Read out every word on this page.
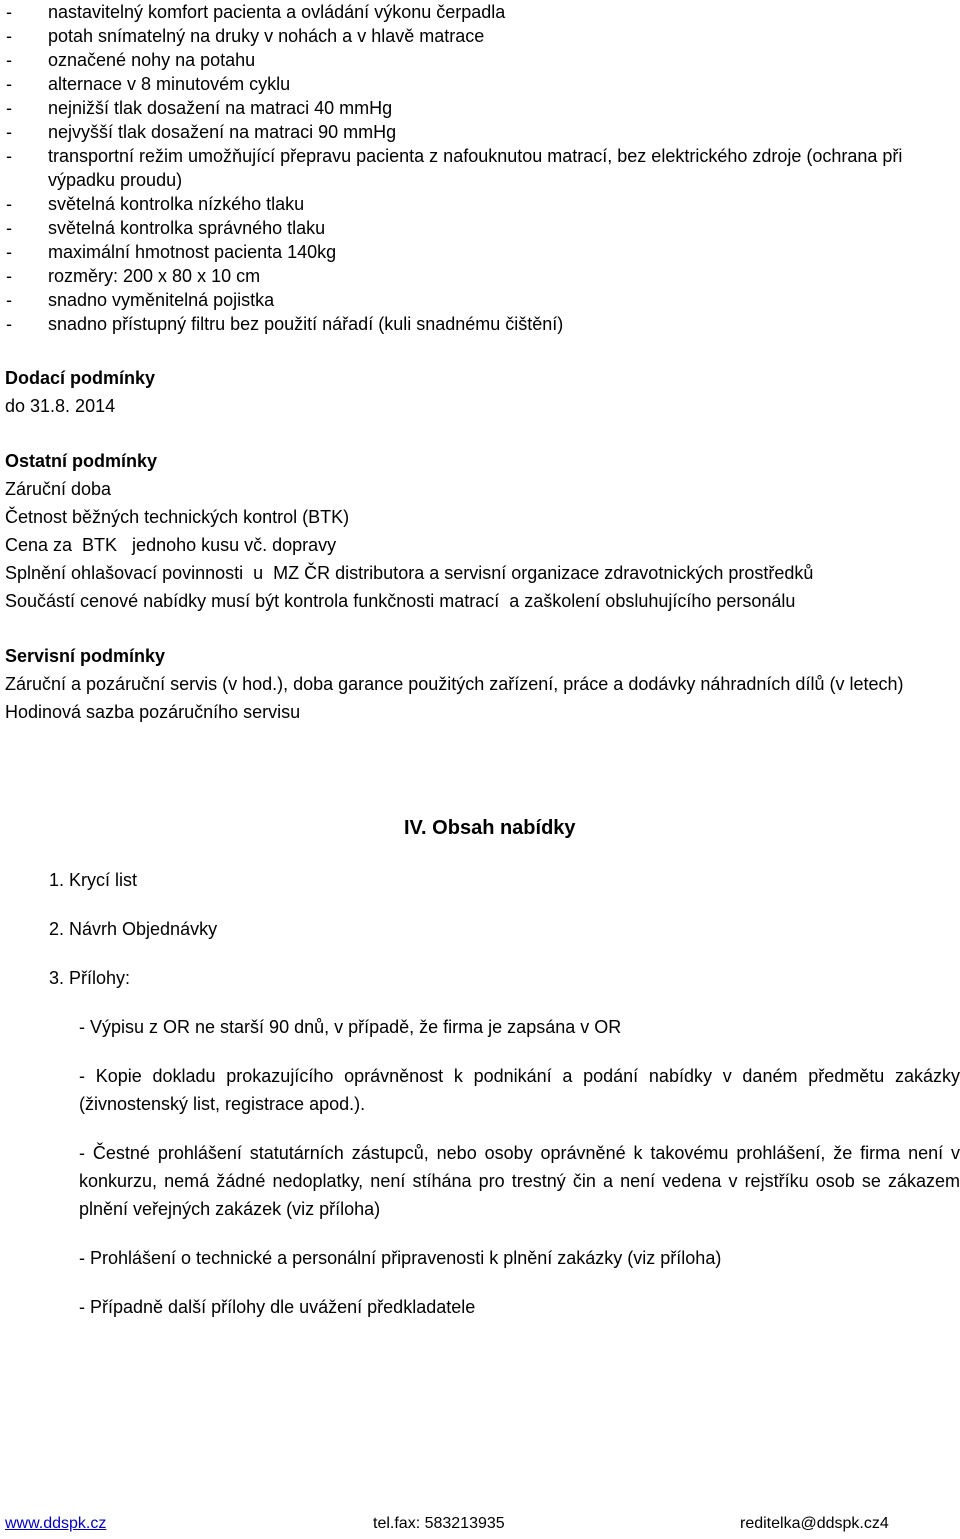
-	nastavitelný komfort pacienta a ovládání výkonu čerpadla
-	potah snímatelný na druky v nohách a v hlavě matrace
-	označené nohy na potahu
-	alternace v 8 minutovém cyklu
-	nejnižší tlak dosažení na matraci 40 mmHg
-	nejvyšší tlak dosažení na matraci 90 mmHg
-	transportní režim umožňující přepravu pacienta z nafouknutou matrací, bez elektrického zdroje (ochrana při výpadku proudu)
-	světelná kontrolka nízkého tlaku
-	světelná kontrolka správného tlaku
-	maximální hmotnost pacienta 140kg
-	rozměry: 200 x 80 x 10 cm
-	snadno vyměnitelná pojistka
-	snadno přístupný filtru bez použití nářadí (kuli snadnému čištění)
Dodací podmínky
do 31.8. 2014
Ostatní podmínky
Záruční doba
Četnost běžných technických kontrol (BTK)
Cena za  BTK   jednoho kusu vč. dopravy
Splnění ohlašovací povinnosti  u  MZ ČR distributora a servisní organizace zdravotnických prostředků
Součástí cenové nabídky musí být kontrola funkčnosti matrací  a zaškolení obsluhujícího personálu
Servisní podmínky
Záruční a pozáruční servis (v hod.), doba garance použitých zařízení, práce a dodávky náhradních dílů (v letech)
Hodinová sazba pozáručního servisu
IV. Obsah nabídky
1. Krycí list
2. Návrh Objednávky
3. Přílohy:
- Výpisu z OR ne starší 90 dnů, v případě, že firma je zapsána v OR
- Kopie dokladu prokazujícího oprávněnost k podnikání a podání nabídky v daném předmětu zakázky (živnostenský list, registrace apod.).
- Čestné prohlášení statutárních zástupců, nebo osoby oprávněné k takovému prohlášení, že firma není v konkurzu, nemá žádné nedoplatky, není stíhána pro trestný čin a není vedena v rejstříku osob se zákazem plnění veřejných zakázek (viz příloha)
- Prohlášení o technické a personální připravenosti k plnění zakázky (viz příloha)
- Případně další přílohy dle uvážení předkladatele
www.ddspk.cz	tel.fax: 583213935	reditelka@ddspk.cz4
